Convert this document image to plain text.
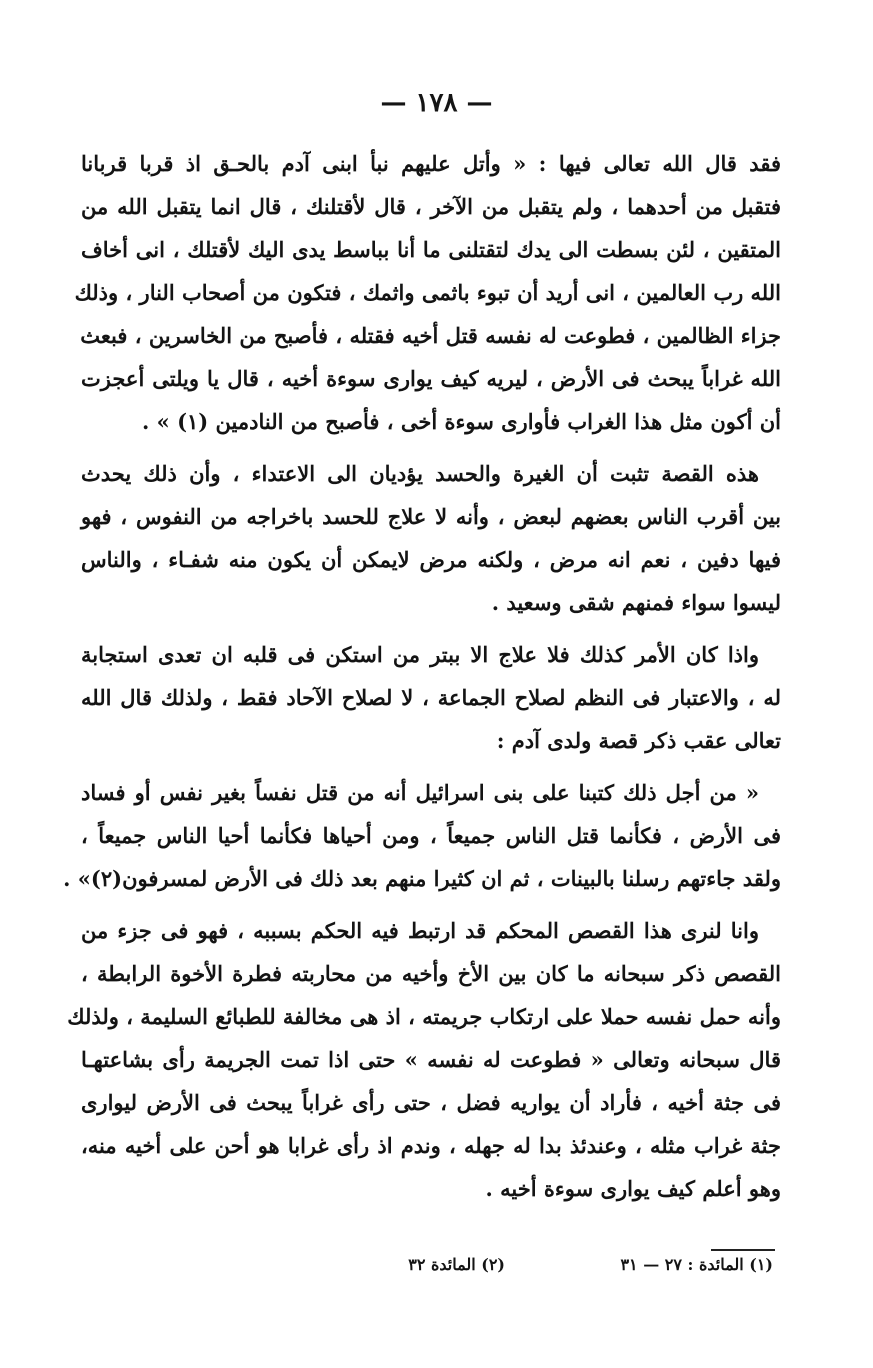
— ١٧٨ —
فقد قال الله تعالى فيها : « وأتل عليهم نبأ ابنى آدم بالحـق اذ قربا قربانا
فتقبل من أحدهما ، ولم يتقبل من الآخر ، قال لأقتلنك ، قال انما يتقبل الله من
المتقين ، لئن بسطت الى يدك لتقتلنى ما أنا بباسط يدى اليك لأقتلك ، انى أخاف
الله رب العالمين ، انى أريد أن تبوء باثمى واثمك ، فتكون من أصحاب النار ، وذلك
جزاء الظالمين ، فطوعت له نفسه قتل أخيه فقتله ، فأصبح من الخاسرين ، فبعث
الله غراباً يبحث فى الأرض ، ليريه كيف يوارى سوءة أخيه ، قال يا ويلتى أعجزت
أن أكون مثل هذا الغراب فأوارى سوءة أخى ، فأصبح من النادمين (١) » .
هذه القصة تثبت أن الغيرة والحسد يؤديان الى الاعتداء ، وأن ذلك يحدث
بين أقرب الناس بعضهم لبعض ، وأنه لا علاج للحسد باخراجه من النفوس ، فهو
فيها دفين ، نعم انه مرض ، ولكنه مرض لايمكن أن يكون منه شفـاء ، والناس
ليسوا سواء فمنهم شقى وسعيد .
واذا كان الأمر كذلك فلا علاج الا ببتر من استكن فى قلبه ان تعدى استجابة
له ، والاعتبار فى النظم لصلاح الجماعة ، لا لصلاح الآحاد فقط ، ولذلك قال الله
تعالى عقب ذكر قصة ولدى آدم :
« من أجل ذلك كتبنا على بنى اسرائيل أنه من قتل نفساً بغير نفس أو فساد
فى الأرض ، فكأنما قتل الناس جميعاً ، ومن أحياها فكأنما أحيا الناس جميعاً ،
ولقد جاءتهم رسلنا بالبينات ، ثم ان كثيرا منهم بعد ذلك فى الأرض لمسرفون(٢)» .
وانا لنرى هذا القصص المحكم قد ارتبط فيه الحكم بسببه ، فهو فى جزء من
القصص ذكر سبحانه ما كان بين الأخ وأخيه من محاربته فطرة الأخوة الرابطة ،
وأنه حمل نفسه حملا على ارتكاب جريمته ، اذ هى مخالفة للطبائع السليمة ، ولذلك
قال سبحانه وتعالى « فطوعت له نفسه » حتى اذا تمت الجريمة رأى بشاعتهـا
فى جثة أخيه ، فأراد أن يواريه فضل ، حتى رأى غراباً يبحث فى الأرض ليوارى
جثة غراب مثله ، وعندئذ بدا له جهله ، وندم اذ رأى غرابا هو أحن على أخيه منه،
وهو أعلم كيف يوارى سوءة أخيه .
(١) المائدة : ٢٧ — ٣١
(٢) المائدة ٣٢
